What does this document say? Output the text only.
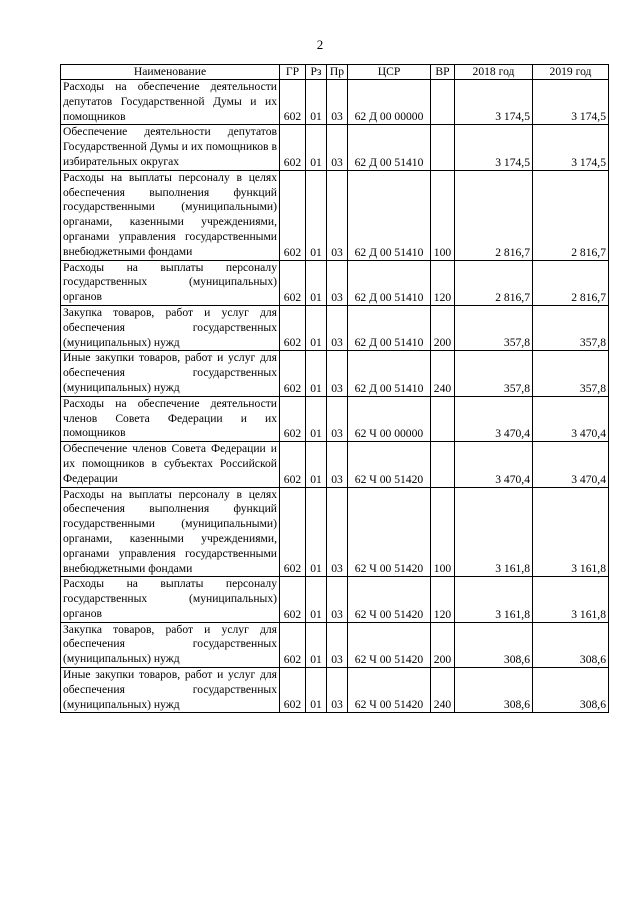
2
Наименование	ГР	Рз	Пр	ЦСР	ВР	2018 год	2019 год
Расходы на обеспечение деятельности депутатов Государственной Думы и их помощников	602	01	03	62 Д 00 00000		3 174,5	3 174,5
Обеспечение деятельности депутатов Государственной Думы и их помощников в избирательных округах	602	01	03	62 Д 00 51410		3 174,5	3 174,5
Расходы на выплаты персоналу в целях обеспечения выполнения функций государственными (муниципальными) органами, казенными учреждениями, органами управления государственными внебюджетными фондами	602	01	03	62 Д 00 51410	100	2 816,7	2 816,7
Расходы на выплаты персоналу государственных (муниципальных) органов	602	01	03	62 Д 00 51410	120	2 816,7	2 816,7
Закупка товаров, работ и услуг для обеспечения государственных (муниципальных) нужд	602	01	03	62 Д 00 51410	200	357,8	357,8
Иные закупки товаров, работ и услуг для обеспечения государственных (муниципальных) нужд	602	01	03	62 Д 00 51410	240	357,8	357,8
Расходы на обеспечение деятельности членов Совета Федерации и их помощников	602	01	03	62 Ч 00 00000		3 470,4	3 470,4
Обеспечение членов Совета Федерации и их помощников в субъектах Российской Федерации	602	01	03	62 Ч 00 51420		3 470,4	3 470,4
Расходы на выплаты персоналу в целях обеспечения выполнения функций государственными (муниципальными) органами, казенными учреждениями, органами управления государственными внебюджетными фондами	602	01	03	62 Ч 00 51420	100	3 161,8	3 161,8
Расходы на выплаты персоналу государственных (муниципальных) органов	602	01	03	62 Ч 00 51420	120	3 161,8	3 161,8
Закупка товаров, работ и услуг для обеспечения государственных (муниципальных) нужд	602	01	03	62 Ч 00 51420	200	308,6	308,6
Иные закупки товаров, работ и услуг для обеспечения государственных (муниципальных) нужд	602	01	03	62 Ч 00 51420	240	308,6	308,6
